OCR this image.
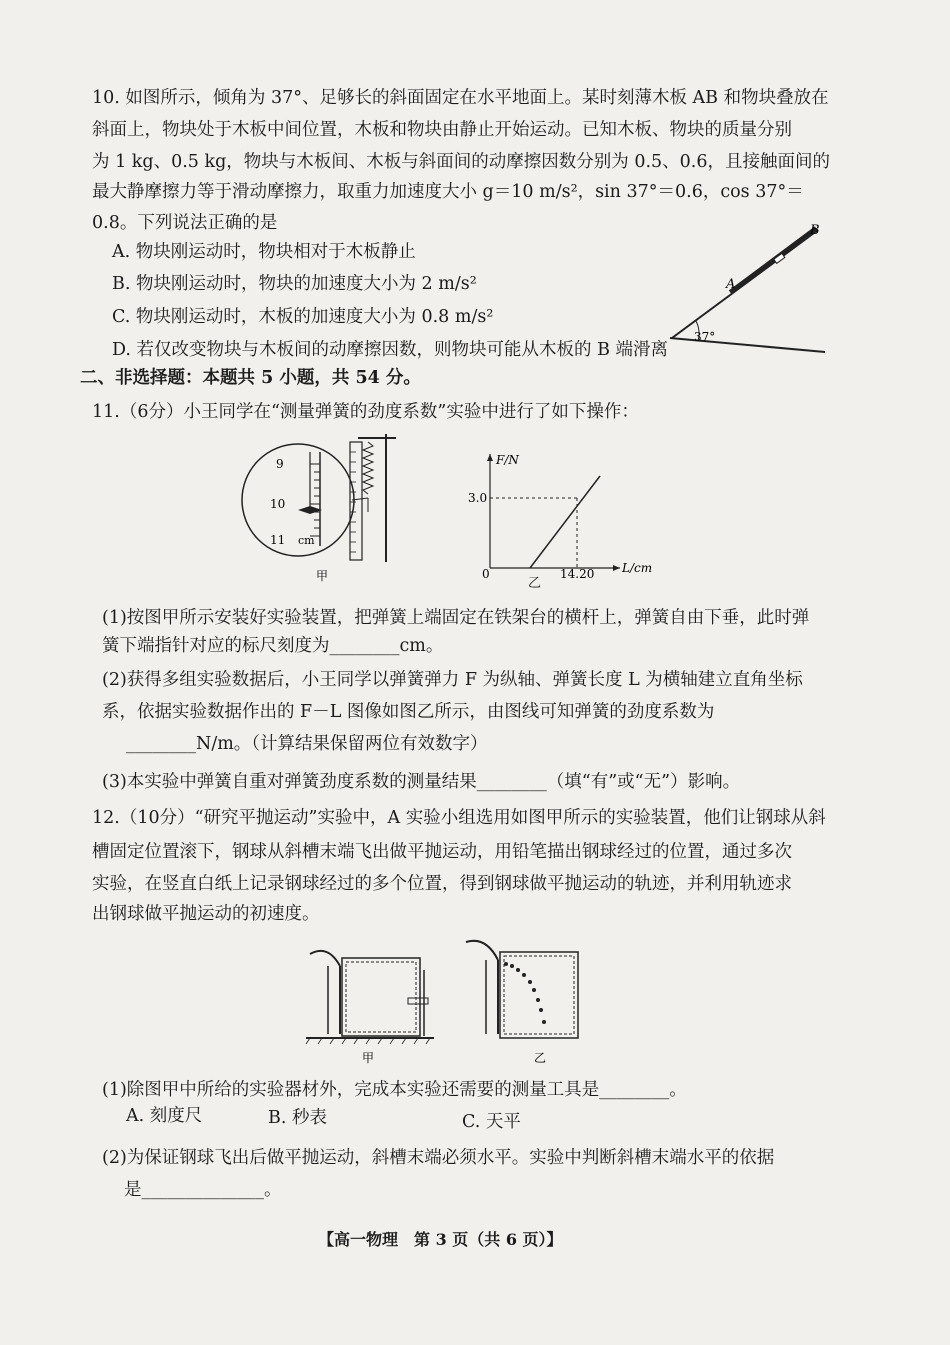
10. 如图所示，倾角为 37°、足够长的斜面固定在水平地面上。某时刻薄木板 AB 和物块叠放在
斜面上，物块处于木板中间位置，木板和物块由静止开始运动。已知木板、物块的质量分别
为 1 kg、0.5 kg，物块与木板间、木板与斜面间的动摩擦因数分别为 0.5、0.6，且接触面间的
最大静摩擦力等于滑动摩擦力，取重力加速度大小 g＝10 m/s²，sin 37°＝0.6，cos 37°＝
0.8。下列说法正确的是
A. 物块刚运动时，物块相对于木板静止
B. 物块刚运动时，物块的加速度大小为 2 m/s²
C. 物块刚运动时，木板的加速度大小为 0.8 m/s²
D. 若仅改变物块与木板间的动摩擦因数，则物块可能从木板的 B 端滑离
A
B
37°
二、非选择题：本题共 5 小题，共 54 分。
11.（6分）小王同学在“测量弹簧的劲度系数”实验中进行了如下操作：
9
10
11 cm
甲
F/N
L/cm
3.0
14.20
0
乙
(1)按图甲所示安装好实验装置，把弹簧上端固定在铁架台的横杆上，弹簧自由下垂，此时弹
簧下端指针对应的标尺刻度为________cm。
(2)获得多组实验数据后，小王同学以弹簧弹力 F 为纵轴、弹簧长度 L 为横轴建立直角坐标
系，依据实验数据作出的 F－L 图像如图乙所示，由图线可知弹簧的劲度系数为
________N/m。（计算结果保留两位有效数字）
(3)本实验中弹簧自重对弹簧劲度系数的测量结果________（填“有”或“无”）影响。
12.（10分）“研究平抛运动”实验中，A 实验小组选用如图甲所示的实验装置，他们让钢球从斜
槽固定位置滚下，钢球从斜槽末端飞出做平抛运动，用铅笔描出钢球经过的位置，通过多次
实验，在竖直白纸上记录钢球经过的多个位置，得到钢球做平抛运动的轨迹，并利用轨迹求
出钢球做平抛运动的初速度。
甲	乙
(1)除图甲中所给的实验器材外，完成本实验还需要的测量工具是________。
A. 刻度尺	B. 秒表	C. 天平
(2)为保证钢球飞出后做平抛运动，斜槽末端必须水平。实验中判断斜槽末端水平的依据
是______________。
【高一物理　第 3 页（共 6 页）】
